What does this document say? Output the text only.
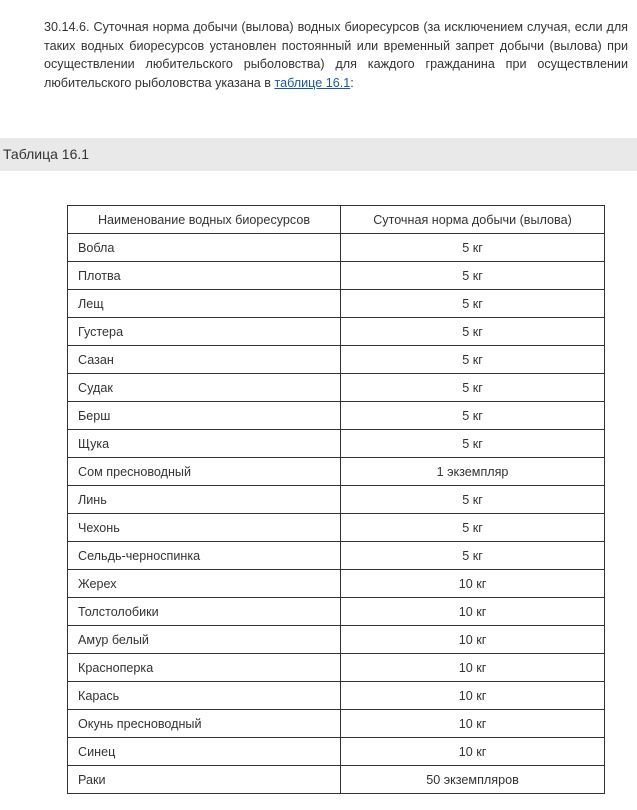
30.14.6. Суточная норма добычи (вылова) водных биоресурсов (за исключением случая, если для таких водных биоресурсов установлен постоянный или временный запрет добычи (вылова) при осуществлении любительского рыболовства) для каждого гражданина при осуществлении любительского рыболовства указана в таблице 16.1:

Таблица 16.1
Наименование водных биоресурсов	Суточная норма добычи (вылова)
Вобла	5 кг
Плотва	5 кг
Лещ	5 кг
Густера	5 кг
Сазан	5 кг
Судак	5 кг
Берш	5 кг
Щука	5 кг
Сом пресноводный	1 экземпляр
Линь	5 кг
Чехонь	5 кг
Сельдь-черноспинка	5 кг
Жерех	10 кг
Толстолобики	10 кг
Амур белый	10 кг
Красноперка	10 кг
Карась	10 кг
Окунь пресноводный	10 кг
Синец	10 кг
Раки	50 экземпляров
